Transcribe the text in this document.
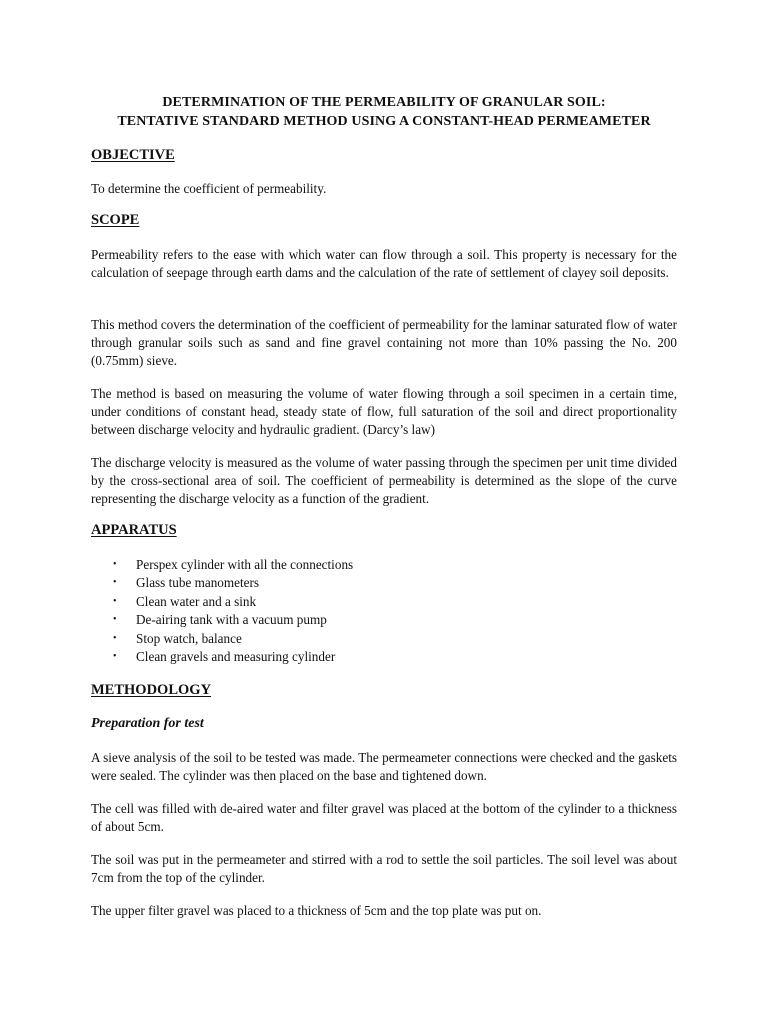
DETERMINATION OF THE PERMEABILITY OF GRANULAR SOIL:
TENTATIVE STANDARD METHOD USING A CONSTANT-HEAD PERMEAMETER
OBJECTIVE
To determine the coefficient of permeability.
SCOPE
Permeability refers to the ease with which water can flow through a soil. This property is necessary for the calculation of seepage through earth dams and the calculation of the rate of settlement of clayey soil deposits.
This method covers the determination of the coefficient of permeability for the laminar saturated flow of water through granular soils such as sand and fine gravel containing not more than 10% passing the No. 200 (0.75mm) sieve.
The method is based on measuring the volume of water flowing through a soil specimen in a certain time, under conditions of constant head, steady state of flow, full saturation of the soil and direct proportionality between discharge velocity and hydraulic gradient. (Darcy’s law)
The discharge velocity is measured as the volume of water passing through the specimen per unit time divided by the cross-sectional area of soil. The coefficient of permeability is determined as the slope of the curve representing the discharge velocity as a function of the gradient.
APPARATUS
• Perspex cylinder with all the connections
• Glass tube manometers
• Clean water and a sink
• De-airing tank with a vacuum pump
• Stop watch, balance
• Clean gravels and measuring cylinder
METHODOLOGY
Preparation for test
A sieve analysis of the soil to be tested was made. The permeameter connections were checked and the gaskets were sealed. The cylinder was then placed on the base and tightened down.
The cell was filled with de-aired water and filter gravel was placed at the bottom of the cylinder to a thickness of about 5cm.
The soil was put in the permeameter and stirred with a rod to settle the soil particles. The soil level was about 7cm from the top of the cylinder.
The upper filter gravel was placed to a thickness of 5cm and the top plate was put on.
